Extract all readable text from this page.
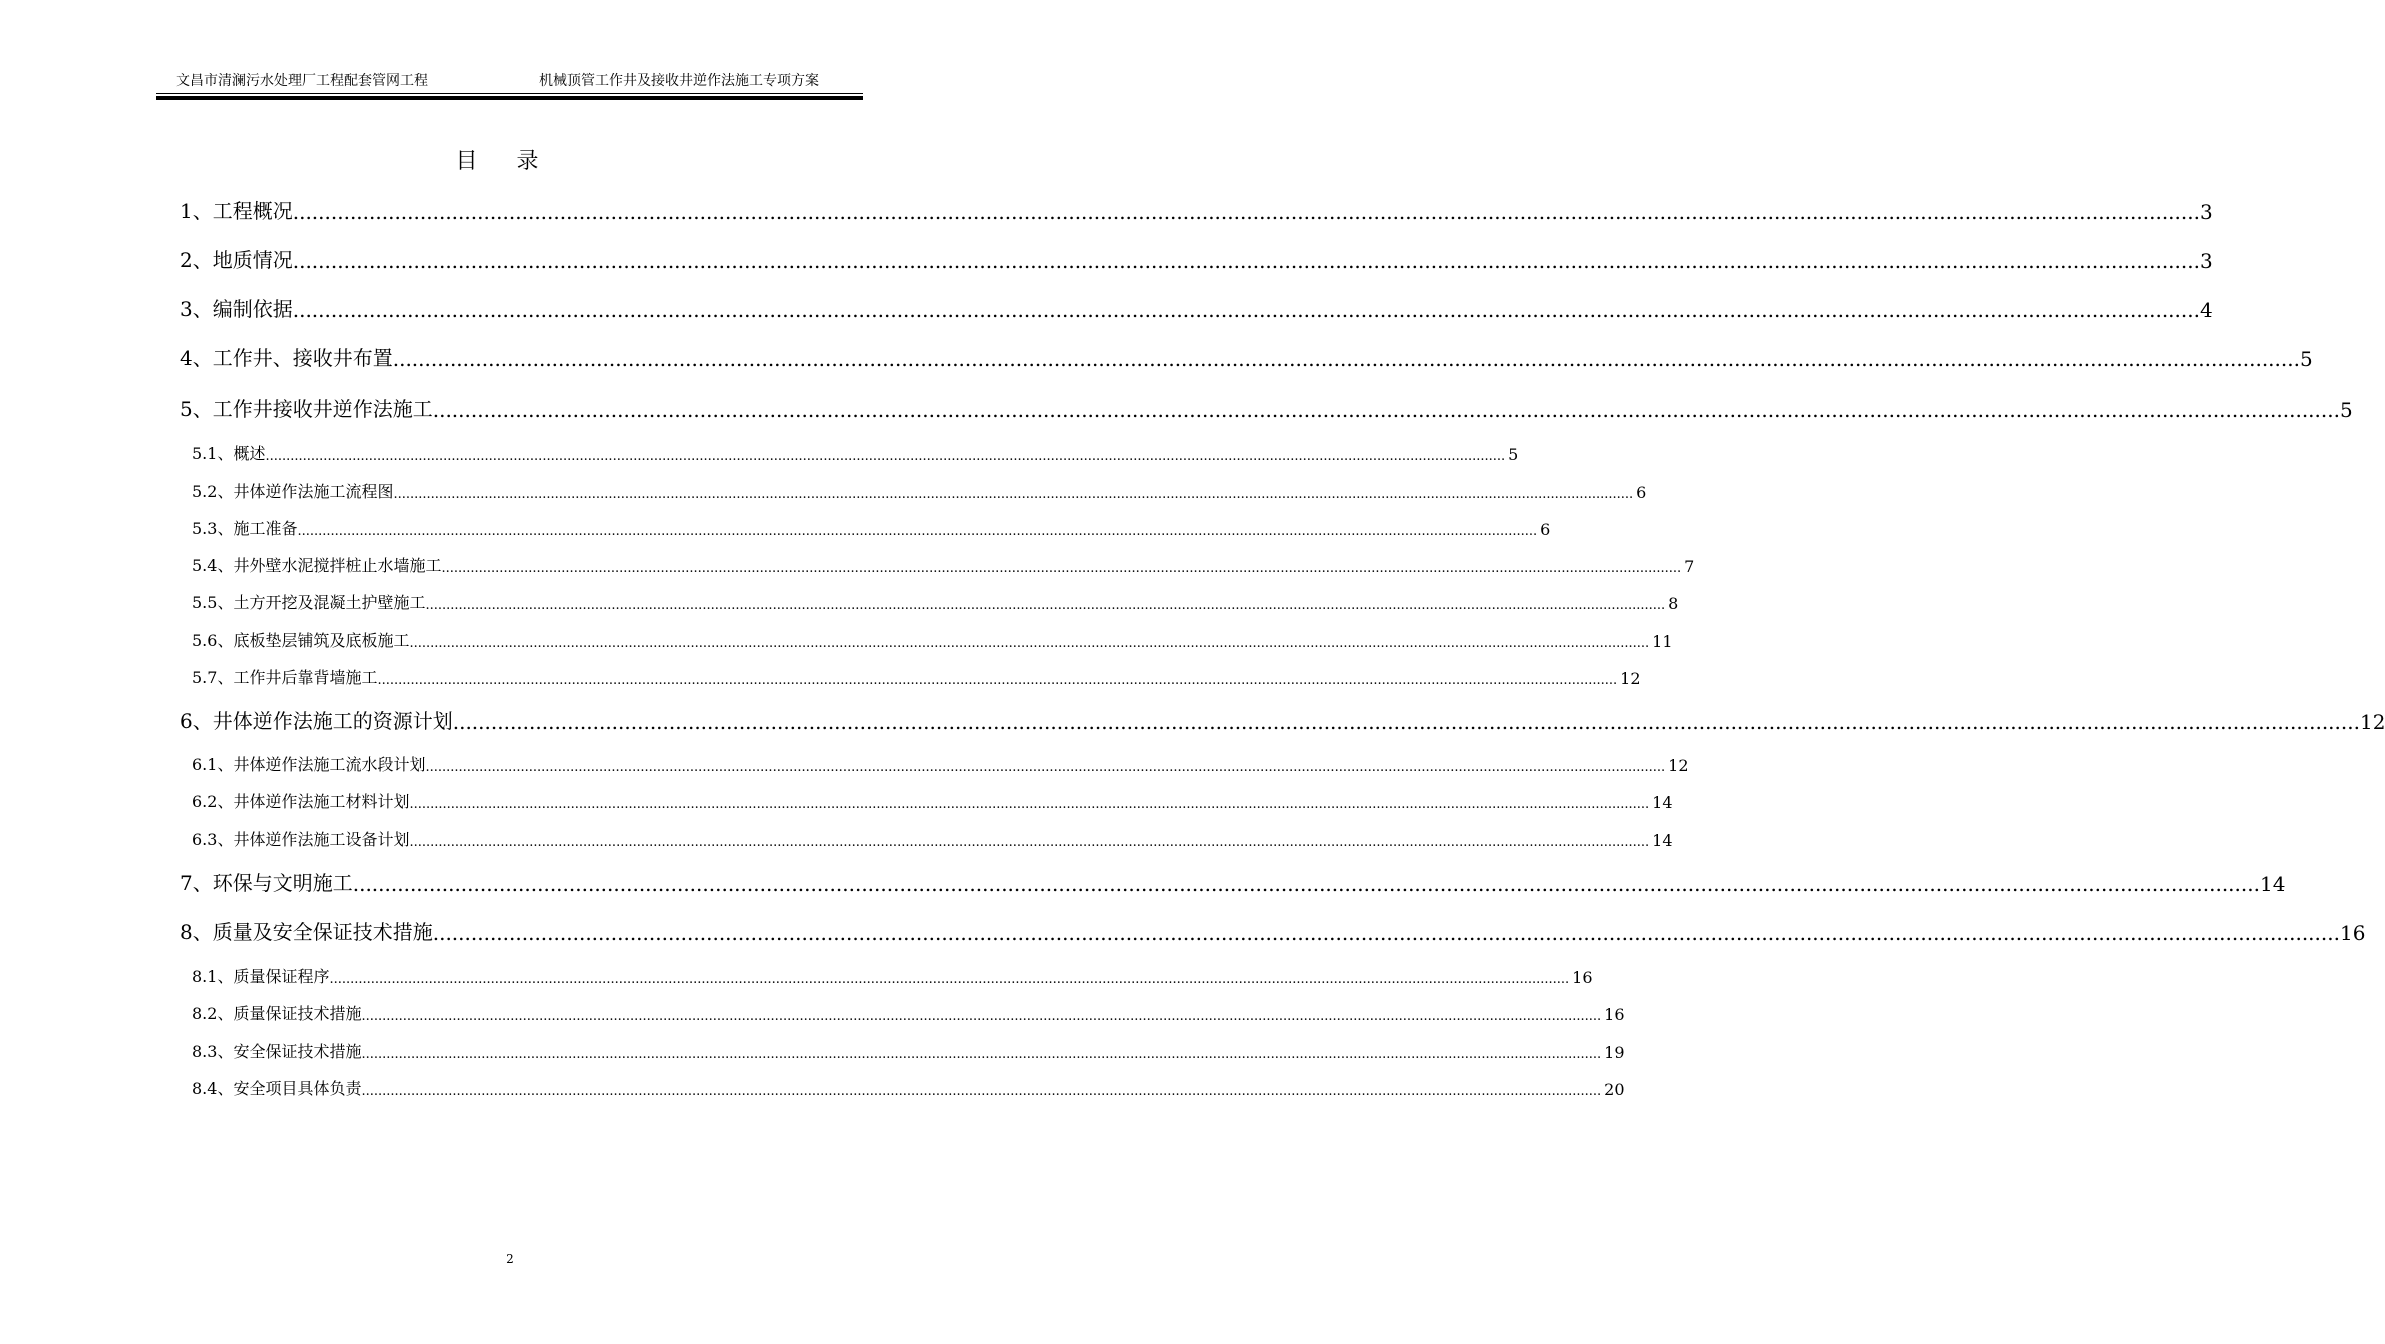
文昌市清澜污水处理厂工程配套管网工程	机械顶管工作井及接收井逆作法施工专项方案
目 录
1、工程概况 ............................................................................................................................................................................................................................................................................................................ 3
2、地质情况 ............................................................................................................................................................................................................................................................................................................ 3
3、编制依据 ............................................................................................................................................................................................................................................................................................................ 4
4、工作井、接收井布置 ............................................................................................................................................................................................................................................................................................................ 5
5、工作井接收井逆作法施工 ............................................................................................................................................................................................................................................................................................................ 5
5.1、概述 ............................................................................................................................................................................................................................................................................................................ 5
5.2、井体逆作法施工流程图 ............................................................................................................................................................................................................................................................................................................ 6
5.3、施工准备 ............................................................................................................................................................................................................................................................................................................ 6
5.4、井外壁水泥搅拌桩止水墙施工 ............................................................................................................................................................................................................................................................................................................ 7
5.5、土方开挖及混凝土护壁施工 ............................................................................................................................................................................................................................................................................................................ 8
5.6、底板垫层铺筑及底板施工 ............................................................................................................................................................................................................................................................................................................ 11
5.7、工作井后靠背墙施工 ............................................................................................................................................................................................................................................................................................................ 12
6、井体逆作法施工的资源计划 ............................................................................................................................................................................................................................................................................................................ 12
6.1、井体逆作法施工流水段计划 ............................................................................................................................................................................................................................................................................................................ 12
6.2、井体逆作法施工材料计划 ............................................................................................................................................................................................................................................................................................................ 14
6.3、井体逆作法施工设备计划 ............................................................................................................................................................................................................................................................................................................ 14
7、环保与文明施工 ............................................................................................................................................................................................................................................................................................................ 14
8、质量及安全保证技术措施 ............................................................................................................................................................................................................................................................................................................ 16
8.1、质量保证程序 ............................................................................................................................................................................................................................................................................................................ 16
8.2、质量保证技术措施 ............................................................................................................................................................................................................................................................................................................ 16
8.3、安全保证技术措施 ............................................................................................................................................................................................................................................................................................................ 19
8.4、安全项目具体负责 ............................................................................................................................................................................................................................................................................................................ 20
2
